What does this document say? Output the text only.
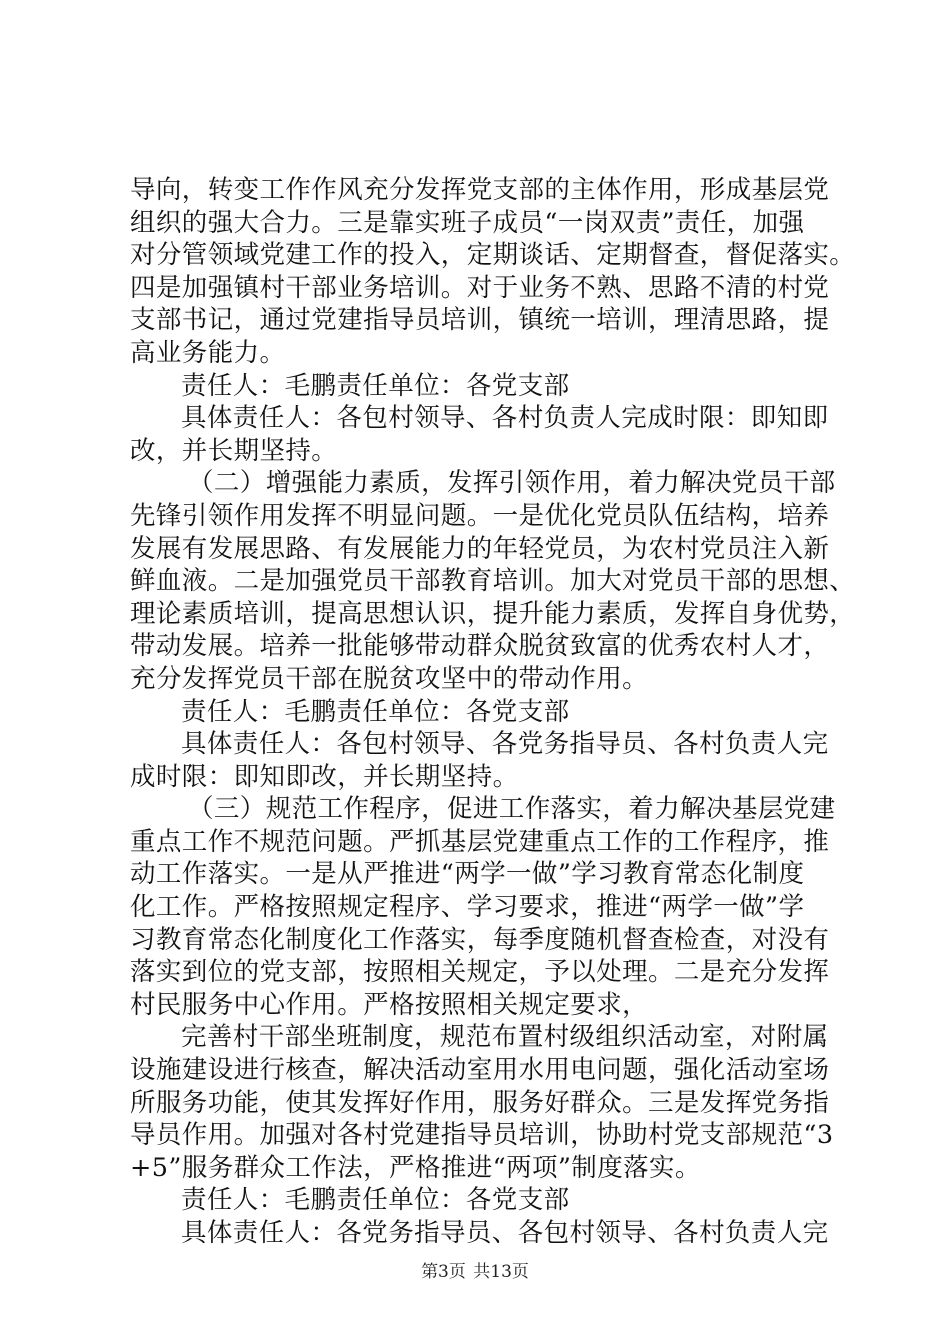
导向，转变工作作风充分发挥党支部的主体作用，形成基层党
组织的强大合力。三是靠实班子成员“一岗双责”责任，加强
对分管领域党建工作的投入，定期谈话、定期督查，督促落实。
四是加强镇村干部业务培训。对于业务不熟、思路不清的村党
支部书记，通过党建指导员培训，镇统一培训，理清思路，提
高业务能力。
责任人：毛鹏责任单位：各党支部
具体责任人：各包村领导、各村负责人完成时限：即知即
改，并长期坚持。
（二）增强能力素质，发挥引领作用，着力解决党员干部
先锋引领作用发挥不明显问题。一是优化党员队伍结构，培养
发展有发展思路、有发展能力的年轻党员，为农村党员注入新
鲜血液。二是加强党员干部教育培训。加大对党员干部的思想、
理论素质培训，提高思想认识，提升能力素质，发挥自身优势，
带动发展。培养一批能够带动群众脱贫致富的优秀农村人才，
充分发挥党员干部在脱贫攻坚中的带动作用。
责任人：毛鹏责任单位：各党支部
具体责任人：各包村领导、各党务指导员、各村负责人完
成时限：即知即改，并长期坚持。
（三）规范工作程序，促进工作落实，着力解决基层党建
重点工作不规范问题。严抓基层党建重点工作的工作程序，推
动工作落实。一是从严推进“两学一做”学习教育常态化制度
化工作。严格按照规定程序、学习要求，推进“两学一做”学
习教育常态化制度化工作落实，每季度随机督查检查，对没有
落实到位的党支部，按照相关规定，予以处理。二是充分发挥
村民服务中心作用。严格按照相关规定要求，
完善村干部坐班制度，规范布置村级组织活动室，对附属
设施建设进行核查，解决活动室用水用电问题，强化活动室场
所服务功能，使其发挥好作用，服务好群众。三是发挥党务指
导员作用。加强对各村党建指导员培训，协助村党支部规范“3
+5”服务群众工作法，严格推进“两项”制度落实。
责任人：毛鹏责任单位：各党支部
具体责任人：各党务指导员、各包村领导、各村负责人完
第3页 共13页
